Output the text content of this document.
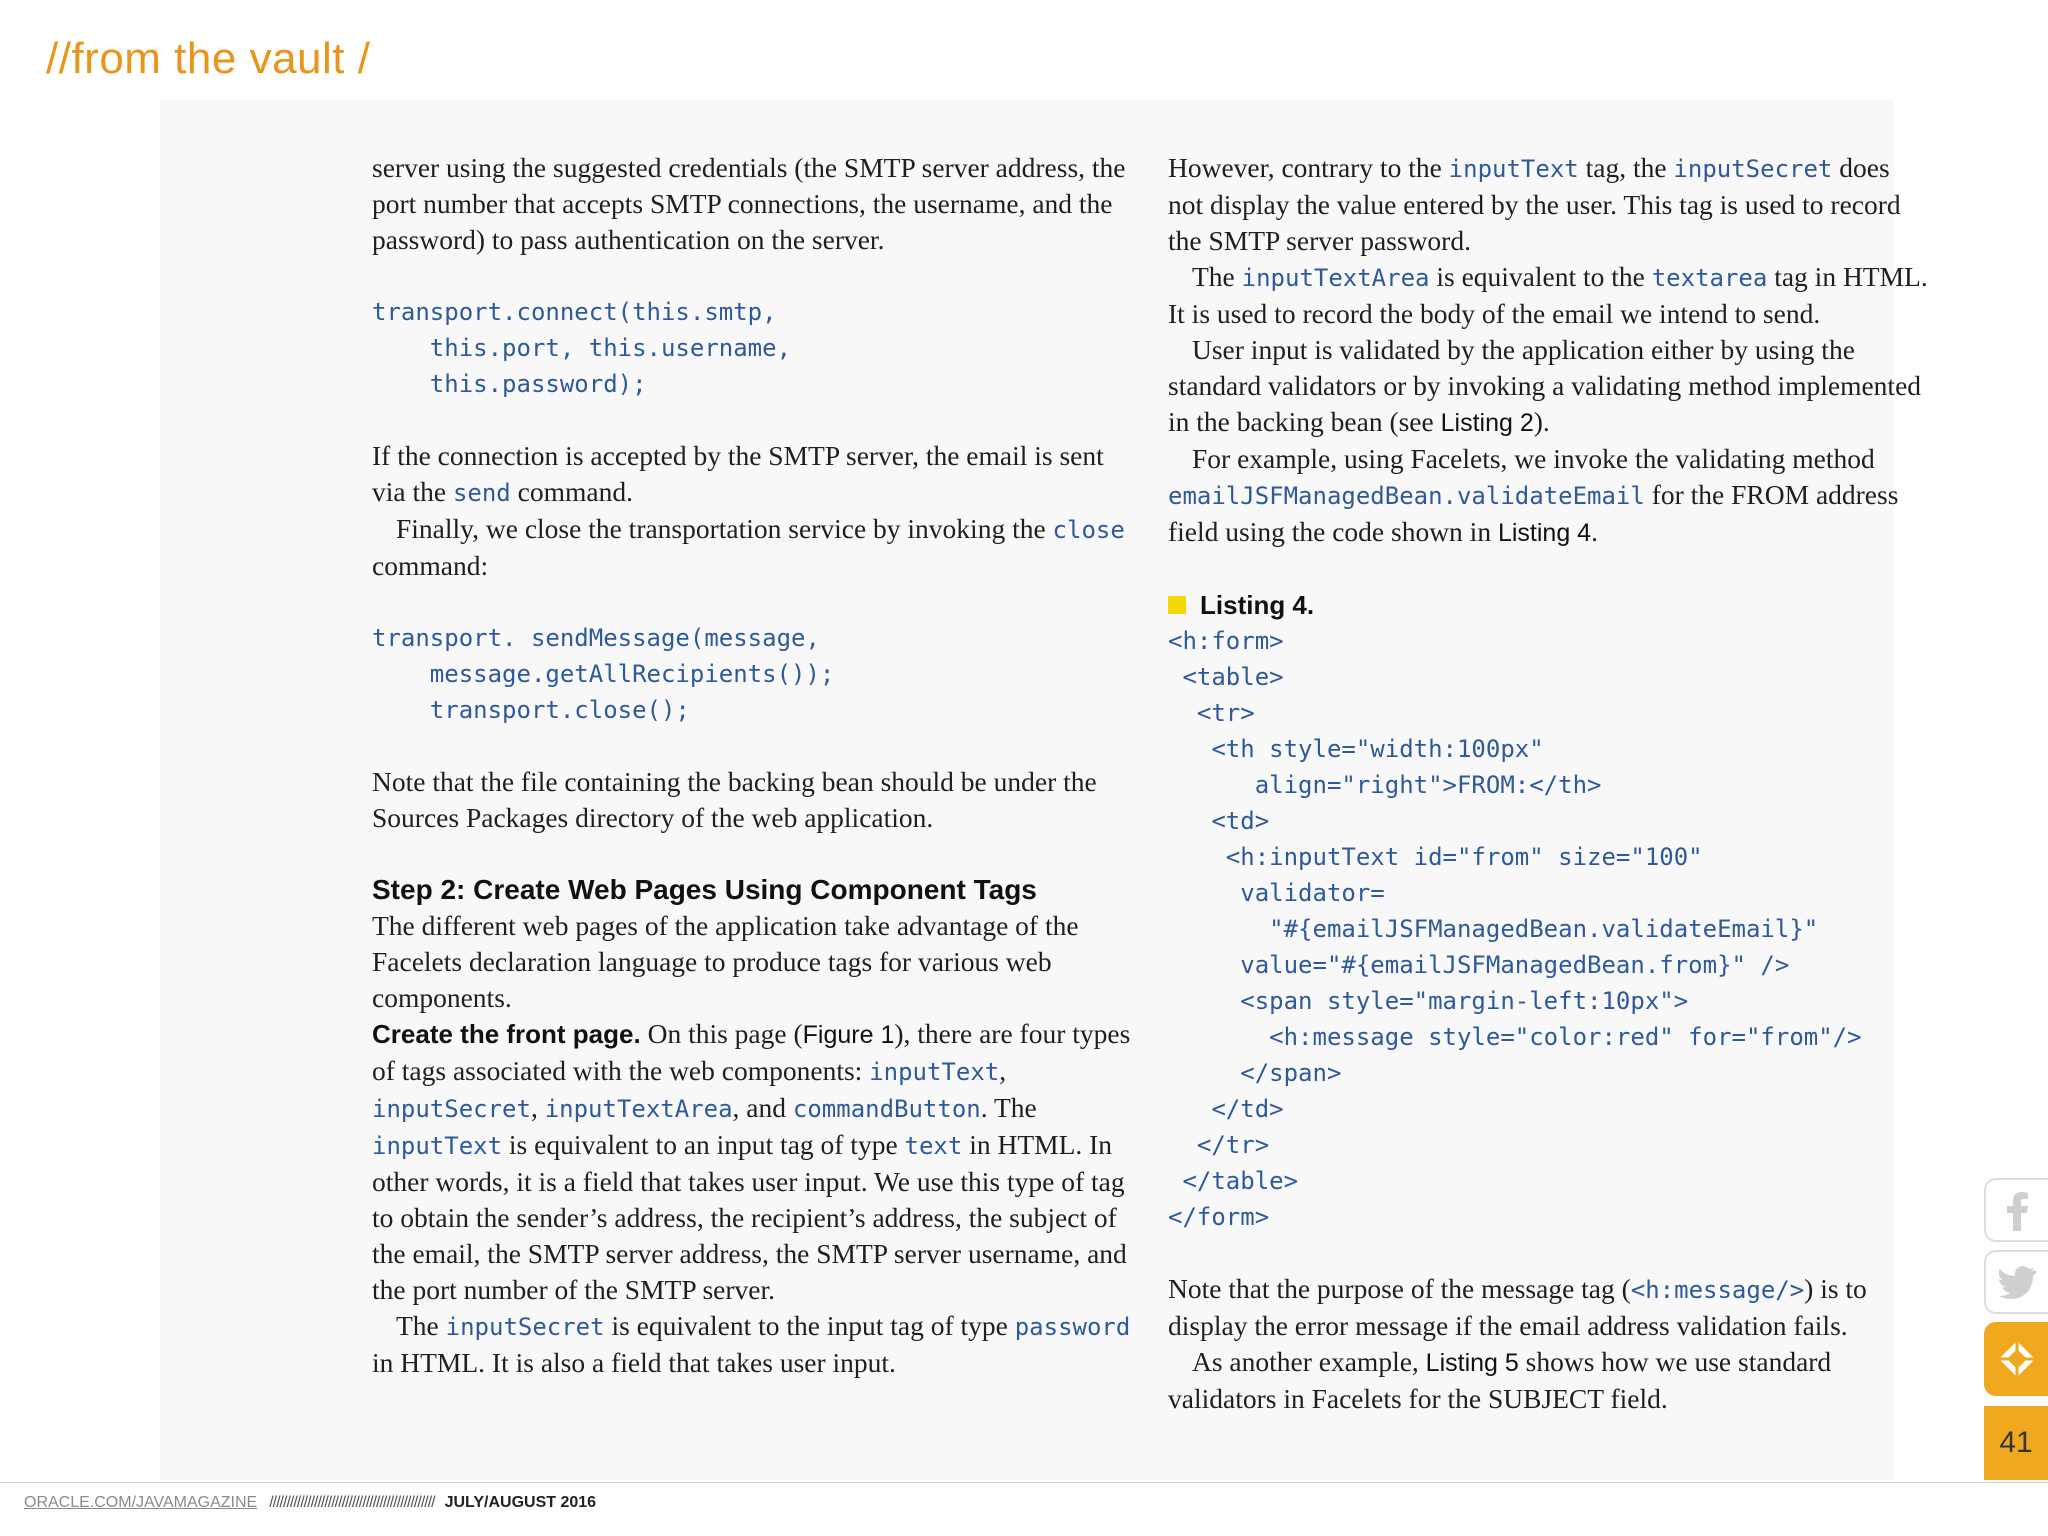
//from the vault /

server using the suggested credentials (the SMTP server address, the port number that accepts SMTP connections, the username, and the password) to pass authentication on the server.

transport.connect(this.smtp,
this.port, this.username,
this.password);

If the connection is accepted by the SMTP server, the email is sent via the send command.

Finally, we close the transportation service by invoking the close command:

transport. sendMessage(message,
message.getAllRecipients());
transport.close();

Note that the file containing the backing bean should be under the Sources Packages directory of the web application.

Step 2: Create Web Pages Using Component Tags

The different web pages of the application take advantage of the Facelets declaration language to produce tags for various web components.

Create the front page. On this page (Figure 1), there are four types of tags associated with the web components: inputText, inputSecret, inputTextArea, and commandButton. The inputText is equivalent to an input tag of type text in HTML. In other words, it is a field that takes user input. We use this type of tag to obtain the sender’s address, the recipient’s address, the subject of the email, the SMTP server address, the SMTP server username, and the port number of the SMTP server.

The inputSecret is equivalent to the input tag of type password in HTML. It is also a field that takes user input.

However, contrary to the inputText tag, the inputSecret does not display the value entered by the user. This tag is used to record the SMTP server password.

The inputTextArea is equivalent to the textarea tag in HTML. It is used to record the body of the email we intend to send.

User input is validated by the application either by using the standard validators or by invoking a validating method implemented in the backing bean (see Listing 2).

For example, using Facelets, we invoke the validating method emailJSFManagedBean.validateEmail for the FROM address field using the code shown in Listing 4.

Listing 4.
<h:form>
<table>
<tr>
<th style="width:100px"
align="right">FROM:</th>
<td>
<h:inputText id="from" size="100"
validator=
"#{emailJSFManagedBean.validateEmail}"
value="#{emailJSFManagedBean.from}" />
<span style="margin-left:10px">
<h:message style="color:red" for="from"/>
</span>
</td>
</tr>
</table>
</form>

Note that the purpose of the message tag (<h:message/>) is to display the error message if the email address validation fails.

As another example, Listing 5 shows how we use standard validators in Facelets for the SUBJECT field.

41
ORACLE.COM/JAVAMAGAZINE //////////////////////////////////////////////// JULY/AUGUST 2016
